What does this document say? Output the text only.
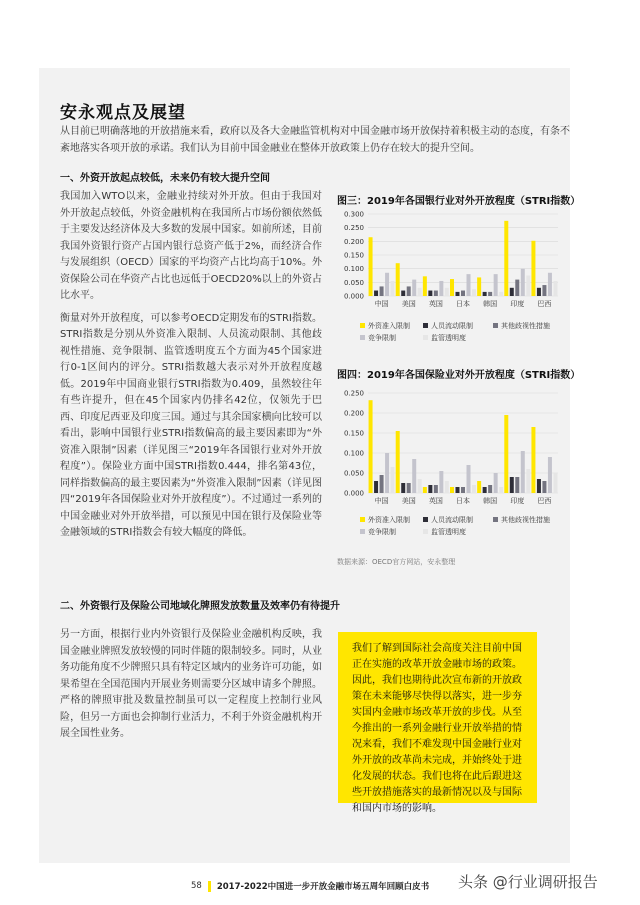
安永观点及展望
从目前已明确落地的开放措施来看，政府以及各大金融监管机构对中国金融市场开放保持着积极主动的态度，有条不紊地落实各项开放的承诺。我们认为目前中国金融业在整体开放政策上仍存在较大的提升空间。
一、外资开放起点较低，未来仍有较大提升空间

我国加入WTO以来，金融业持续对外开放。但由于我国对外开放起点较低，外资金融机构在我国所占市场份额依然低于主要发达经济体及大多数的发展中国家。如前所述，目前我国外资银行资产占国内银行总资产低于2%，而经济合作与发展组织（OECD）国家的平均资产占比均高于10%。外资保险公司在华资产占比也远低于OECD20%以上的外资占比水平。

衡量对外开放程度，可以参考OECD定期发布的STRI指数。STRI指数是分别从外资准入限制、人员流动限制、其他歧视性措施、竞争限制、监管透明度五个方面为45个国家进行0-1区间内的评分。STRI指数越大表示对外开放程度越低。2019年中国商业银行STRI指数为0.409，虽然较往年有些许提升，但在45个国家内仍排名42位，仅领先于巴西、印度尼西亚及印度三国。通过与其余国家横向比较可以看出，影响中国银行业STRI指数偏高的最主要因素即为“外资准入限制”因素（详见图三“2019年各国银行业对外开放程度”）。保险业方面中国STRI指数0.444，排名第43位，同样指数偏高的最主要因素为“外资准入限制”因素（详见图四“2019年各国保险业对外开放程度”）。不过通过一系列的中国金融业对外开放举措，可以预见中国在银行及保险业等金融领域的STRI指数会有较大幅度的降低。

图三：2019年各国银行业对外开放程度（STRI指数）
0.300
0.250
0.200
0.150
0.100
0.050
0.000
中国 美国 英国 日本 韩国 印度 巴西
外资准入限制	人员流动限制	其他歧视性措施
竞争限制	监管透明度
图四：2019年各国保险业对外开放程度（STRI指数）
0.250
0.200
0.150
0.100
0.050
0.000
中国 美国 英国 日本 韩国 印度 巴西
外资准入限制	人员流动限制	其他歧视性措施
竞争限制	监管透明度
数据来源：OECD官方网站，安永整理
二、外资银行及保险公司地域化牌照发放数量及效率仍有待提升
另一方面，根据行业内外资银行及保险业金融机构反映，我国金融业牌照发放较慢的同时伴随的限制较多。同时，从业务功能角度不少牌照只具有特定区域内的业务许可功能，如果希望在全国范围内开展业务则需要分区域申请多个牌照。严格的牌照审批及数量控制虽可以一定程度上控制行业风险，但另一方面也会抑制行业活力，不利于外资金融机构开展全国性业务。
我们了解到国际社会高度关注目前中国正在实施的改革开放金融市场的政策。因此，我们也期待此次宣布新的开放政策在未来能够尽快得以落实，进一步夯实国内金融市场改革开放的步伐。从至今推出的一系列金融行业开放举措的情况来看，我们不难发现中国金融行业对外开放的改革尚未完成，并始终处于进化发展的状态。我们也将在此后跟进这些开放措施落实的最新情况以及与国际和国内市场的影响。
58 2017-2022中国进一步开放金融市场五周年回顾白皮书 头条 @行业调研报告
